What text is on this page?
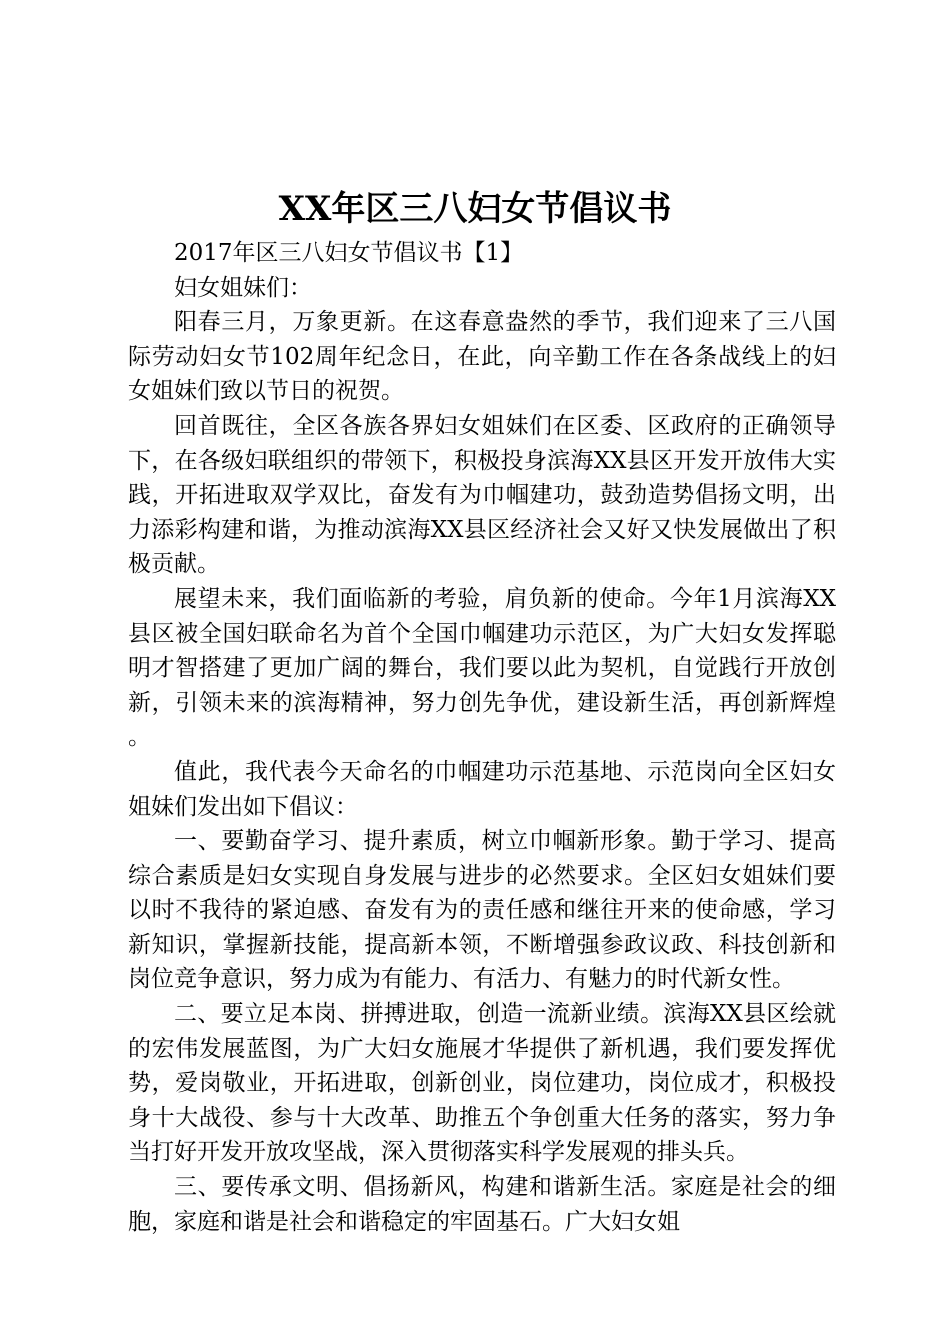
XX年区三八妇女节倡议书

2017年区三八妇女节倡议书【1】

妇女姐妹们：

阳春三月，万象更新。在这春意盎然的季节，我们迎来了三八国际劳动妇女节102周年纪念日，在此，向辛勤工作在各条战线上的妇女姐妹们致以节日的祝贺。

回首既往，全区各族各界妇女姐妹们在区委、区政府的正确领导下，在各级妇联组织的带领下，积极投身滨海XX县区开发开放伟大实践，开拓进取双学双比，奋发有为巾帼建功，鼓劲造势倡扬文明，出力添彩构建和谐，为推动滨海XX县区经济社会又好又快发展做出了积极贡献。

展望未来，我们面临新的考验，肩负新的使命。今年1月滨海XX县区被全国妇联命名为首个全国巾帼建功示范区，为广大妇女发挥聪明才智搭建了更加广阔的舞台，我们要以此为契机，自觉践行开放创新，引领未来的滨海精神，努力创先争优，建设新生活，再创新辉煌。

值此，我代表今天命名的巾帼建功示范基地、示范岗向全区妇女姐妹们发出如下倡议：

一、要勤奋学习、提升素质，树立巾帼新形象。勤于学习、提高综合素质是妇女实现自身发展与进步的必然要求。全区妇女姐妹们要以时不我待的紧迫感、奋发有为的责任感和继往开来的使命感，学习新知识，掌握新技能，提高新本领，不断增强参政议政、科技创新和岗位竞争意识，努力成为有能力、有活力、有魅力的时代新女性。

二、要立足本岗、拼搏进取，创造一流新业绩。滨海XX县区绘就的宏伟发展蓝图，为广大妇女施展才华提供了新机遇，我们要发挥优势，爱岗敬业，开拓进取，创新创业，岗位建功，岗位成才，积极投身十大战役、参与十大改革、助推五个争创重大任务的落实，努力争当打好开发开放攻坚战，深入贯彻落实科学发展观的排头兵。

三、要传承文明、倡扬新风，构建和谐新生活。家庭是社会的细胞，家庭和谐是社会和谐稳定的牢固基石。广大妇女姐
